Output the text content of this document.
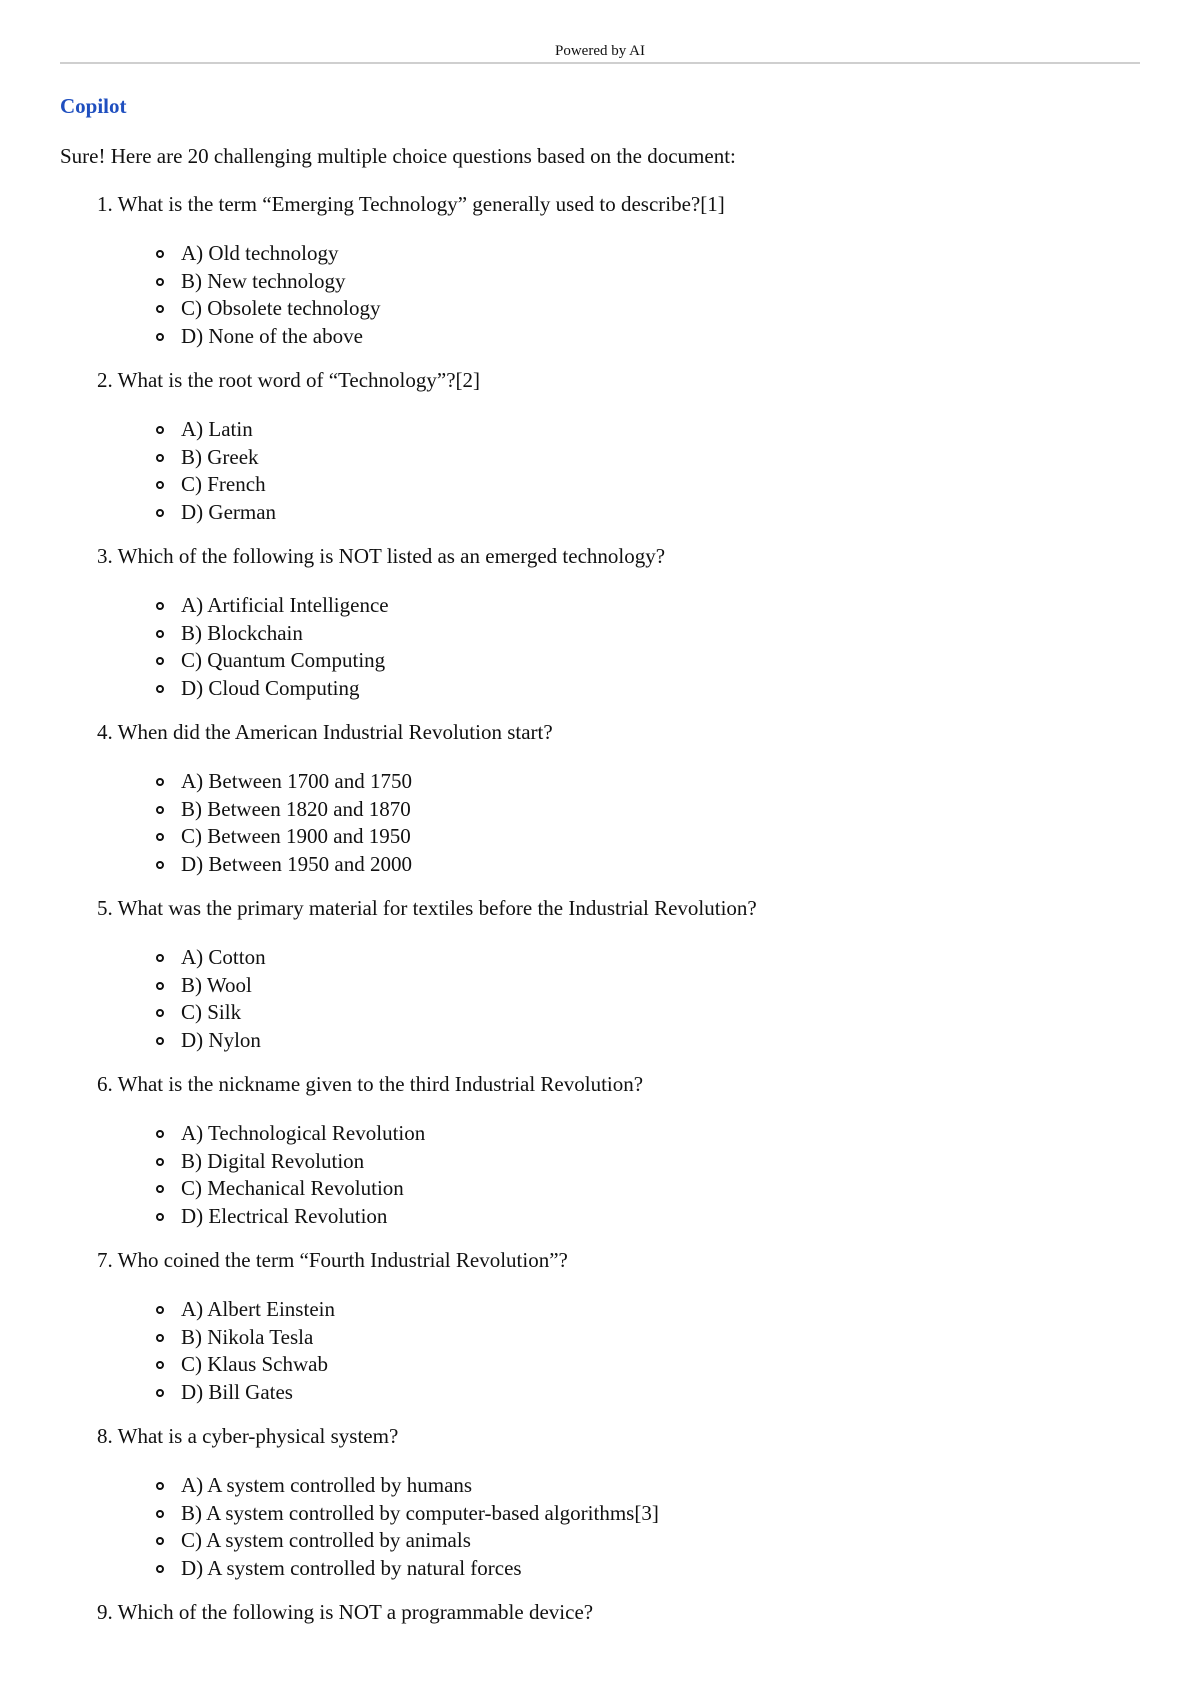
Powered by AI
Copilot
Sure! Here are 20 challenging multiple choice questions based on the document:
1. What is the term “Emerging Technology” generally used to describe?[1]
A) Old technology
B) New technology
C) Obsolete technology
D) None of the above
2. What is the root word of “Technology”?[2]
A) Latin
B) Greek
C) French
D) German
3. Which of the following is NOT listed as an emerged technology?
A) Artificial Intelligence
B) Blockchain
C) Quantum Computing
D) Cloud Computing
4. When did the American Industrial Revolution start?
A) Between 1700 and 1750
B) Between 1820 and 1870
C) Between 1900 and 1950
D) Between 1950 and 2000
5. What was the primary material for textiles before the Industrial Revolution?
A) Cotton
B) Wool
C) Silk
D) Nylon
6. What is the nickname given to the third Industrial Revolution?
A) Technological Revolution
B) Digital Revolution
C) Mechanical Revolution
D) Electrical Revolution
7. Who coined the term “Fourth Industrial Revolution”?
A) Albert Einstein
B) Nikola Tesla
C) Klaus Schwab
D) Bill Gates
8. What is a cyber-physical system?
A) A system controlled by humans
B) A system controlled by computer-based algorithms[3]
C) A system controlled by animals
D) A system controlled by natural forces
9. Which of the following is NOT a programmable device?
